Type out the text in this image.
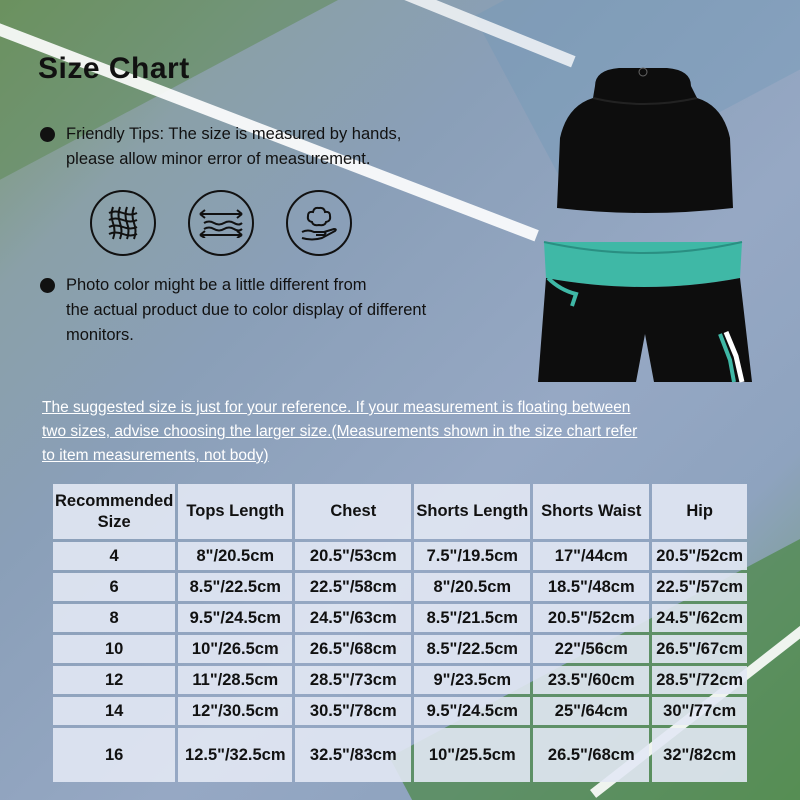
Size Chart
Friendly Tips: The size is measured by hands,
please allow minor error of measurement.
Photo color might be a little different from
the actual product due to color display of different
monitors.
The suggested size is just for your reference. If your measurement is floating between
two sizes, advise choosing the larger size.(Measurements shown in the size chart refer
to item measurements, not body)
Recommended Size	Tops Length	Chest	Shorts Length	Shorts Waist	Hip
4	8"/20.5cm	20.5"/53cm	7.5"/19.5cm	17"/44cm	20.5"/52cm
6	8.5"/22.5cm	22.5"/58cm	8"/20.5cm	18.5"/48cm	22.5"/57cm
8	9.5"/24.5cm	24.5"/63cm	8.5"/21.5cm	20.5"/52cm	24.5"/62cm
10	10"/26.5cm	26.5"/68cm	8.5"/22.5cm	22"/56cm	26.5"/67cm
12	11"/28.5cm	28.5"/73cm	9"/23.5cm	23.5"/60cm	28.5"/72cm
14	12"/30.5cm	30.5"/78cm	9.5"/24.5cm	25"/64cm	30"/77cm
16	12.5"/32.5cm	32.5"/83cm	10"/25.5cm	26.5"/68cm	32"/82cm
